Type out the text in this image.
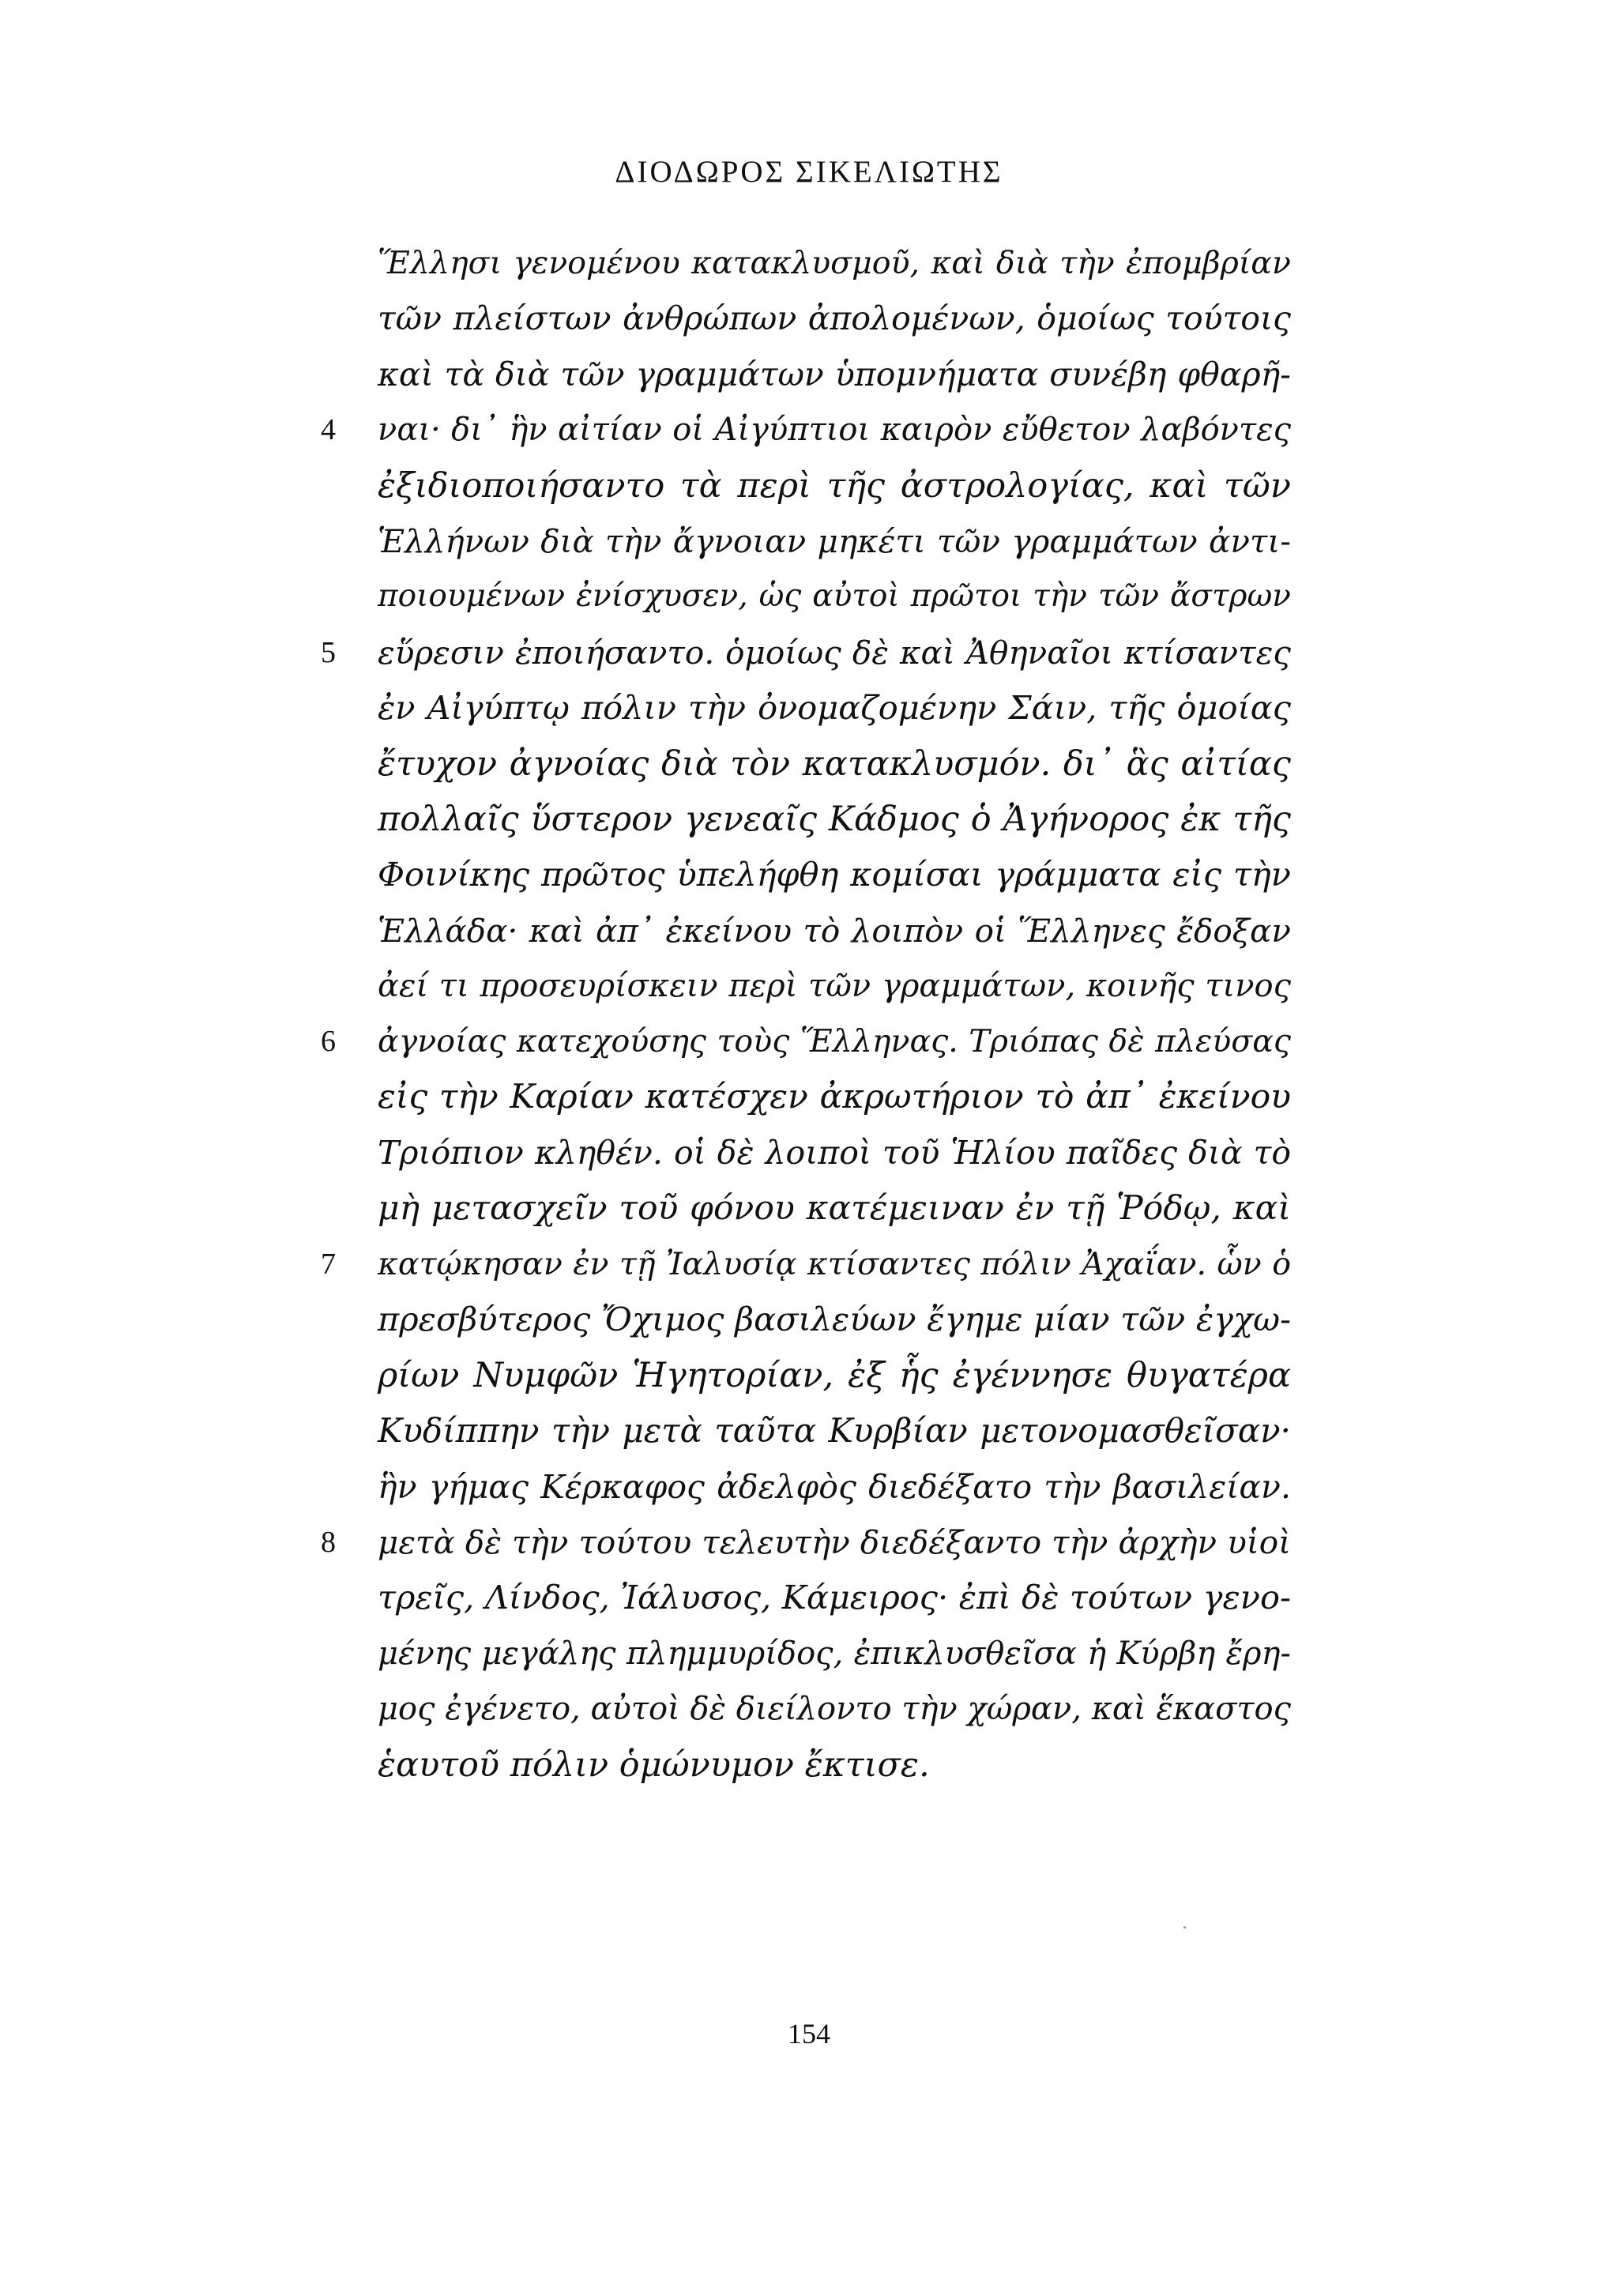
ΔΙΟΔΩΡΟΣ ΣΙΚΕΛΙΩΤΗΣ
Ἕλλησι γενομένου κατακλυσμοῦ, καὶ διὰ τὴν ἐπομβρίαν
τῶν πλείστων ἀνθρώπων ἀπολομένων, ὁμοίως τούτοις
καὶ τὰ διὰ τῶν γραμμάτων ὑπομνήματα συνέβη φθαρῆ-
4 ναι· δι᾽ ἣν αἰτίαν οἱ Αἰγύπτιοι καιρὸν εὔθετον λαβόντες
ἐξιδιοποιήσαντο τὰ περὶ τῆς ἀστρολογίας, καὶ τῶν
Ἑλλήνων διὰ τὴν ἄγνοιαν μηκέτι τῶν γραμμάτων ἀντι-
ποιουμένων ἐνίσχυσεν, ὡς αὐτοὶ πρῶτοι τὴν τῶν ἄστρων
5 εὕρεσιν ἐποιήσαντο. ὁμοίως δὲ καὶ Ἀθηναῖοι κτίσαντες
ἐν Αἰγύπτῳ πόλιν τὴν ὀνομαζομένην Σάιν, τῆς ὁμοίας
ἔτυχον ἀγνοίας διὰ τὸν κατακλυσμόν. δι᾽ ἃς αἰτίας
πολλαῖς ὕστερον γενεαῖς Κάδμος ὁ Ἀγήνορος ἐκ τῆς
Φοινίκης πρῶτος ὑπελήφθη κομίσαι γράμματα εἰς τὴν
Ἑλλάδα· καὶ ἀπ᾽ ἐκείνου τὸ λοιπὸν οἱ Ἕλληνες ἔδοξαν
ἀεί τι προσευρίσκειν περὶ τῶν γραμμάτων, κοινῆς τινος
6 ἀγνοίας κατεχούσης τοὺς Ἕλληνας. Τριόπας δὲ πλεύσας
εἰς τὴν Καρίαν κατέσχεν ἀκρωτήριον τὸ ἀπ᾽ ἐκείνου
Τριόπιον κληθέν. οἱ δὲ λοιποὶ τοῦ Ἡλίου παῖδες διὰ τὸ
μὴ μετασχεῖν τοῦ φόνου κατέμειναν ἐν τῇ Ῥόδῳ, καὶ
7 κατῴκησαν ἐν τῇ Ἰαλυσίᾳ κτίσαντες πόλιν Ἀχαΐαν. ὧν ὁ
πρεσβύτερος Ὄχιμος βασιλεύων ἔγημε μίαν τῶν ἐγχω-
ρίων Νυμφῶν Ἡγητορίαν, ἐξ ἧς ἐγέννησε θυγατέρα
Κυδίππην τὴν μετὰ ταῦτα Κυρβίαν μετονομασθεῖσαν·
ἣν γήμας Κέρκαφος ἀδελφὸς διεδέξατο τὴν βασιλείαν.
8 μετὰ δὲ τὴν τούτου τελευτὴν διεδέξαντο τὴν ἀρχὴν υἱοὶ
τρεῖς, Λίνδος, Ἰάλυσος, Κάμειρος· ἐπὶ δὲ τούτων γενο-
μένης μεγάλης πλημμυρίδος, ἐπικλυσθεῖσα ἡ Κύρβη ἔρη-
μος ἐγένετο, αὐτοὶ δὲ διείλοντο τὴν χώραν, καὶ ἕκαστος
ἑαυτοῦ πόλιν ὁμώνυμον ἔκτισε.
154
